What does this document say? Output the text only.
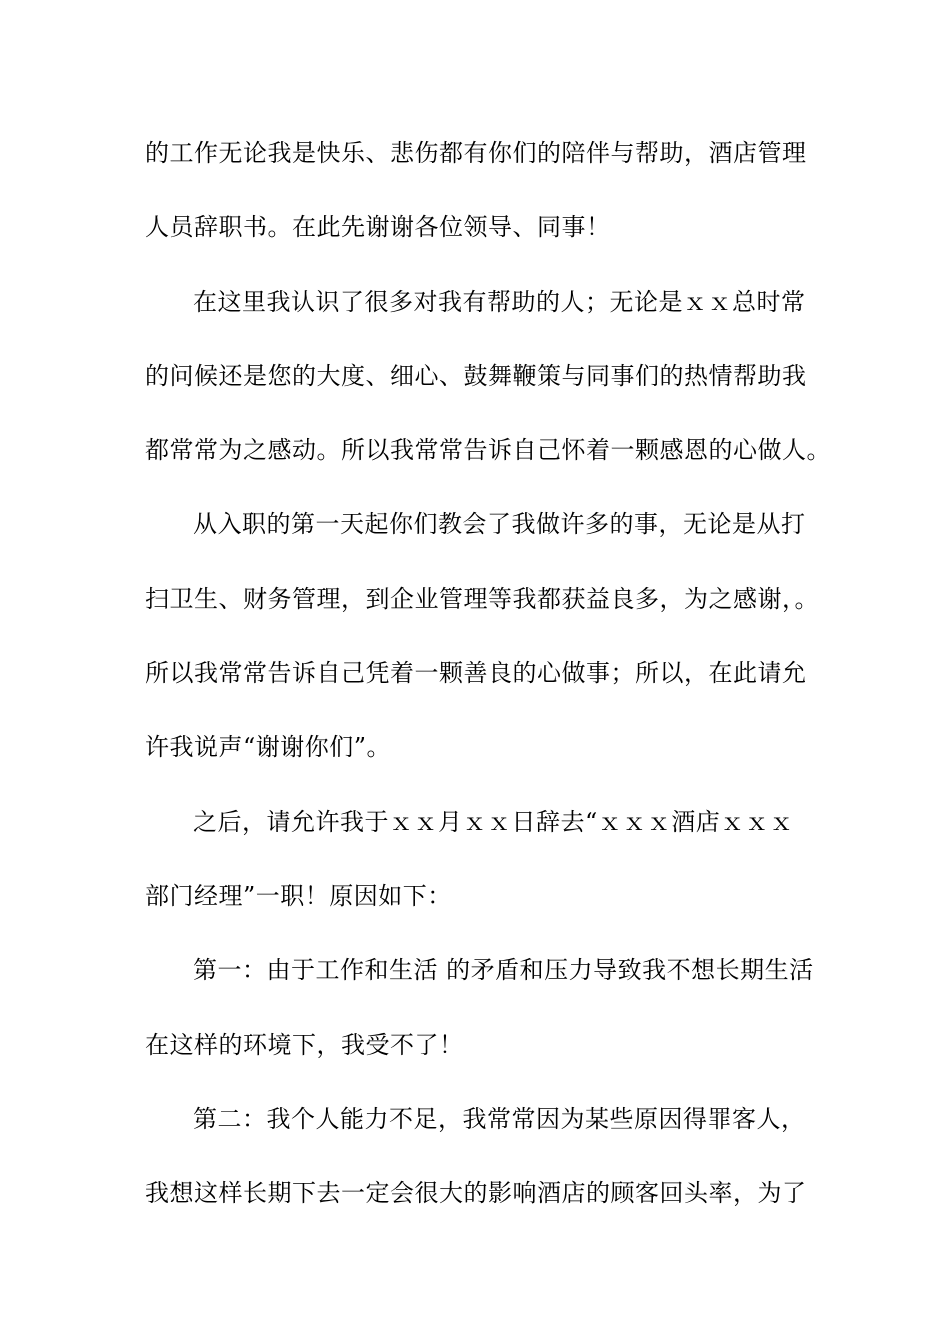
的工作无论我是快乐、悲伤都有你们的陪伴与帮助，酒店管理
人员辞职书。在此先谢谢各位领导、同事！
在这里我认识了很多对我有帮助的人；无论是ｘｘ总时常
的问候还是您的大度、细心、鼓舞鞭策与同事们的热情帮助我
都常常为之感动。所以我常常告诉自己怀着一颗感恩的心做人。
从入职的第一天起你们教会了我做许多的事，无论是从打
扫卫生、财务管理，到企业管理等我都获益良多，为之感谢，。
所以我常常告诉自己凭着一颗善良的心做事；所以，在此请允
许我说声“谢谢你们”。
之后，请允许我于ｘｘ月ｘｘ日辞去“ｘｘｘ酒店ｘｘｘ
部门经理”一职！原因如下：
第一：由于工作和生活 的矛盾和压力导致我不想长期生活
在这样的环境下，我受不了！
第二：我个人能力不足，我常常因为某些原因得罪客人，
我想这样长期下去一定会很大的影响酒店的顾客回头率，为了
